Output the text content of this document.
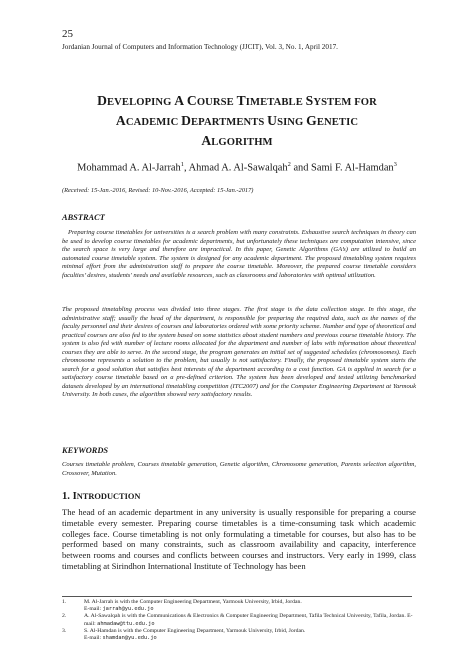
25
Jordanian Journal of Computers and Information Technology (JJCIT), Vol. 3, No. 1, April 2017.
DEVELOPING A COURSE TIMETABLE SYSTEM FOR
ACADEMIC DEPARTMENTS USING GENETIC
ALGORITHM
Mohammad A. Al-Jarrah$^1$, Ahmad A. Al-Sawalqah$^2$ and Sami F. Al-Hamdan$^3$
(Received: 15-Jan.-2016, Revised: 10-Nov.-2016, Accepted: 15-Jan.-2017)
ABSTRACT

Preparing course timetables for universities is a search problem with many constraints. Exhaustive search techniques in theory can be used to develop course timetables for academic departments, but unfortunately these techniques are computation intensive, since the search space is very large and therefore are impractical. In this paper, Genetic Algorithms (GA’s) are utilized to build an automated course timetable system. The system is designed for any academic department. The proposed timetabling system requires minimal effort from the administration staff to prepare the course timetable. Moreover, the prepared course timetable considers faculties’ desires, students' needs and available resources, such as classrooms and laboratories with optimal utilization.

The proposed timetabling process was divided into three stages. The first stage is the data collection stage. In this stage, the administrative staff; usually the head of the department, is responsible for preparing the required data, such as the names of the faculty personnel and their desires of courses and laboratories ordered with some priority scheme. Number and type of theoretical and practical courses are also fed to the system based on some statistics about student numbers and previous course timetable history. The system is also fed with number of lecture rooms allocated for the department and number of labs with information about theoretical courses they are able to serve. In the second stage, the program generates an initial set of suggested schedules (chromosomes). Each chromosome represents a solution to the problem, but usually is not satisfactory. Finally, the proposed timetable system starts the search for a good solution that satisfies best interests of the department according to a cost function. GA is applied in search for a satisfactory course timetable based on a pre-defined criterion. The system has been developed and tested utilizing benchmarked datasets developed by an international timetabling competition (ITC2007) and for the Computer Engineering Department at Yarmouk University. In both cases, the algorithm showed very satisfactory results.

KEYWORDS

Courses timetable problem, Courses timetable generation, Genetic algorithm, Chromosome generation, Parents selection algorithm, Crossover, Mutation.

1. INTRODUCTION

The head of an academic department in any university is usually responsible for preparing a course timetable every semester. Preparing course timetables is a time-consuming task which academic colleges face. Course timetabling is not only formulating a timetable for courses, but also has to be performed based on many constraints, such as classroom availability and capacity, interference between rooms and courses and conflicts between courses and instructors. Very early in 1999, class timetabling at Sirindhon International Institute of Technology has been

1.	M. Al-Jarrah is with the Computer Engineering Department, Yarmouk University, Irbid, Jordan.
E-mail: jarrah@yu.edu.jo
2.	A. Al-Sawalqah is with the Communications & Electronics & Computer Engineering Department, Tafila Technical University, Tafila, Jordan. E-mail: ahmadaw@ttu.edu.jo
3.	S. Al-Hamdan is with the Computer Engineering Department, Yarmouk University, Irbid, Jordan.
E-mail: shamdan@yu.edu.jo
